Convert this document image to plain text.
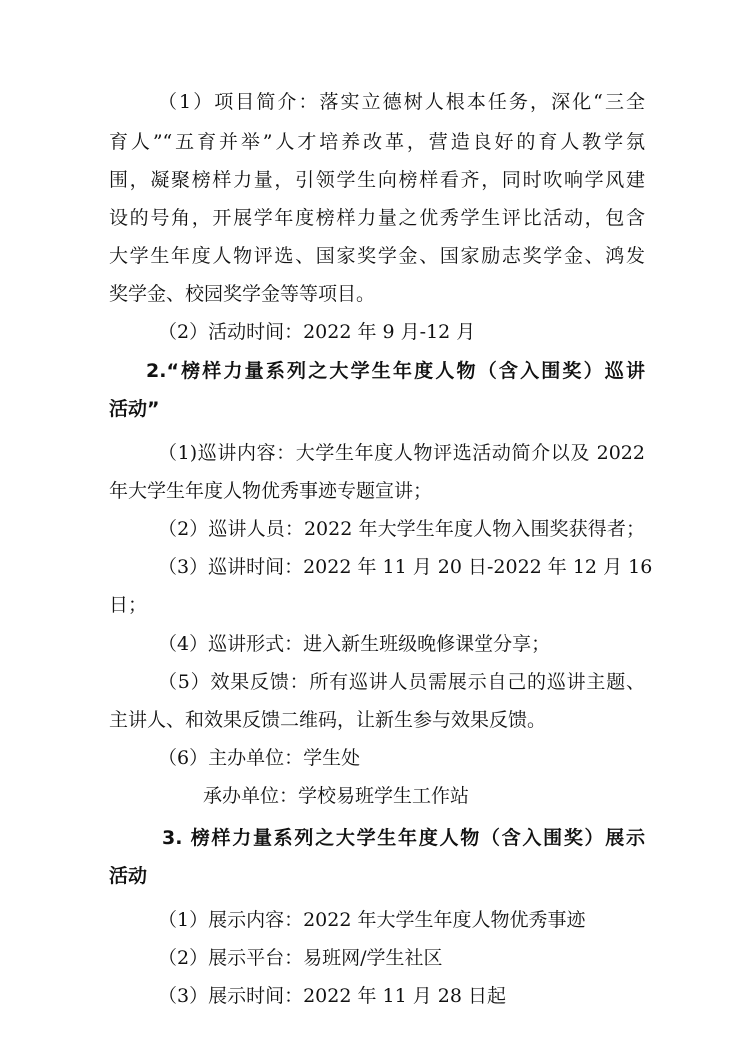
（1）项目简介：落实立德树人根本任务，深化“三全
育人”“五育并举”人才培养改革，营造良好的育人教学氛
围，凝聚榜样力量，引领学生向榜样看齐，同时吹响学风建
设的号角，开展学年度榜样力量之优秀学生评比活动，包含
大学生年度人物评选、国家奖学金、国家励志奖学金、鸿发
奖学金、校园奖学金等等项目。
（2）活动时间：2022 年 9 月-12 月
2.“榜样力量系列之大学生年度人物（含入围奖）巡讲
活动”
（1)巡讲内容：大学生年度人物评选活动简介以及 2022
年大学生年度人物优秀事迹专题宣讲；
（2）巡讲人员：2022 年大学生年度人物入围奖获得者；
（3）巡讲时间：2022 年 11 月 20 日-2022 年 12 月 16
日；
（4）巡讲形式：进入新生班级晚修课堂分享；
（5）效果反馈：所有巡讲人员需展示自己的巡讲主题、
主讲人、和效果反馈二维码，让新生参与效果反馈。
（6）主办单位：学生处
承办单位：学校易班学生工作站
3. 榜样力量系列之大学生年度人物（含入围奖）展示
活动
（1）展示内容：2022 年大学生年度人物优秀事迹
（2）展示平台：易班网/学生社区
（3）展示时间：2022 年 11 月 28 日起
